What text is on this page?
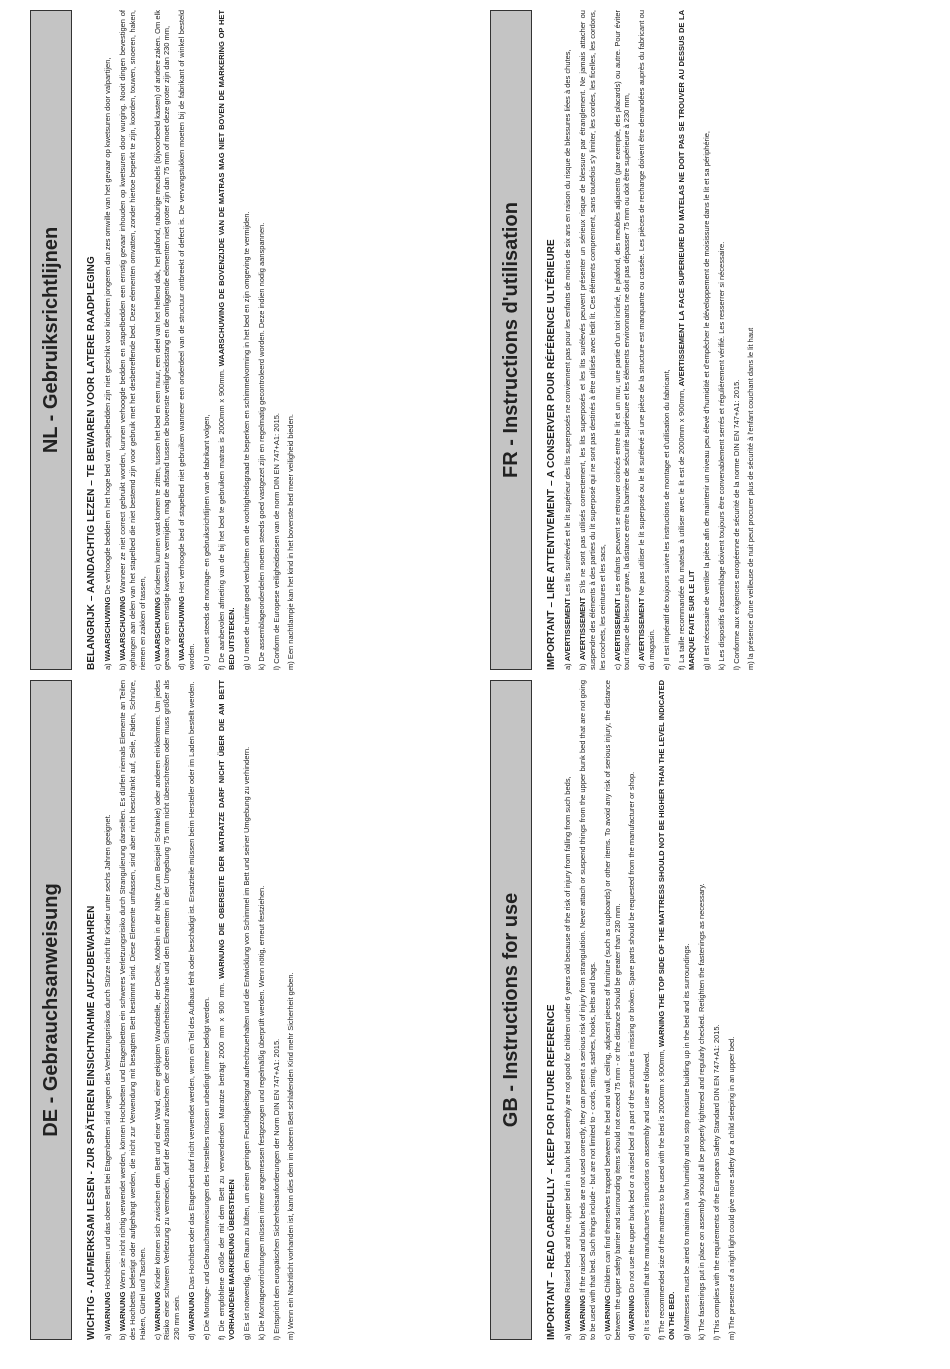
DE - Gebrauchsanweisung	WICHTIG - AUFMERKSAM LESEN - ZUR SPÄTEREN EINSICHTNAHME AUFZUBEWAHREN a) WARNUNG Hochbetten und das obere Bett bei Etagenbetten sind wegen des Verletzungsrisikos durch Stürze nicht für Kinder unter sechs Jahren geeignet.
b) WARNUNG Wenn sie nicht richtig verwendet werden, können Hochbetten und Etagenbetten ein schweres Verletzungsrisiko durch Strangulierung darstellen. Es dürfen niemals Elemente an Teilen des Hochbetts befestigt oder aufgehängt werden, die nicht zur Verwendung mit besagtem Bett bestimmt sind. Diese Elemente umfassen, sind aber nicht beschränkt auf, Seile, Fäden, Schnüre, Haken, Gürtel und Taschen. c) WARNUNG Kinder können sich zwischen dem Bett und einer Wand, einer gekippten Wandstelle, der Decke, Möbeln in der Nähe (zum Beispiel Schränke) oder anderen einklemmen. Um jedes Risiko einer schweren Verletzung zu vermeiden, darf der Abstand zwischen der oberen Sicherheitsschranke und den Elementen in der Umgebung 75 mm nicht überschreiten oder muss größer als 230 mm sein. d) WARNUNG Das Hochbett oder das Etagenbett darf nicht verwendet werden, wenn ein Teil des Aufbaus fehlt oder beschädigt ist. Ersatzteile müssen beim Hersteller oder im Laden bestellt werden.
e) Die Montage- und Gebrauchsanweisungen des Herstellers müssen unbedingt immer befolgt werden.
f) Die empfohlene Größe der mit dem Bett zu verwendenden Matratze beträgt 2000 mm x 900 mm. WARNUNG DIE OBERSEITE DER MATRATZE DARF NICHT ÜBER DIE AM BETT VORHANDENE MARKIERUNG ÜBERSTEHEN g) Es ist notwendig, den Raum zu lüften, um einen geringen Feuchtigkeitsgrad aufrechtzuerhalten und die Entwicklung von Schimmel im Bett und seiner Umgebung zu verhindern.
k) Die Montagevorrichtungen müssen immer angemessen festgezogen und regelmäßig überprüft werden. Wenn nötig, erneut festziehen.
l) Entspricht den europäischen Sicherheitsanforderungen der Norm DIN EN 747+A1: 2015.
m) Wenn ein Nachtlicht vorhanden ist, kann dies dem im oberen Bett schlafenden Kind mehr Sicherheit geben.	GB - Instructions for use	IMPORTANT – READ CAREFULLY – KEEP FOR FUTURE REFERENCE a) WARNING Raised beds and the upper bed in a bunk bed assembly are not good for children under 6 years old because of the risk of injury from falling from such beds,
b) WARNING If the raised and bunk beds are not used correctly, they can present a serious risk of injury from strangulation. Never attach or suspend things from the upper bunk bed that are not going to be used with that bed. Such things include - but are not limited to - cords, string, sashes, hooks, belts and bags. c) WARNING Children can find themselves trapped between the bed and wall, ceiling, adjacent pieces of furniture (such as cupboards) or other items. To avoid any risk of serious injury, the distance between the upper safety barrier and surrounding items should not exceed 75 mm - or the distance should be greater than 230 mm. d) WARNING Do not use the upper bunk bed or a raised bed if a part of the structure is missing or broken. Spare parts should be requested from the manufacturer or shop.
e) It is essential that the manufacturer's instructions on assembly and use are followed.
f) The recommended size of the mattress to be used with the bed is 2000mm x 900mm, WARNING THE TOP SIDE OF THE MATTRESS SHOULD NOT BE HIGHER THAN THE LEVEL INDICATED ON THE BED. g) Mattresses must be aired to maintain a low humidity and to stop moisture building up in the bed and its surroundings.
k) The fastenings put in place on assembly should all be properly tightened and regularly checked. Retighten the fastenings as necessary.
l) This complies with the requirements of the European Safety Standard DIN EN 747+A1: 2015.
m) The presence of a night light could give more safety for a child sleeping in an upper bed.
NL - Gebruiksrichtlijnen	BELANGRIJK – AANDACHTIG LEZEN – TE BEWAREN VOOR LATERE RAADPLEGING a) WAARSCHUWING De verhoogde bedden en het hoge bed van stapelbedden zijn niet geschikt voor kinderen jongeren dan zes omwille van het gevaar op kwetsuren door valpartijen,
b) WAARSCHUWING Wanneer ze niet correct gebruikt worden, kunnen verhoogde bedden en stapelbedden een ernstig gevaar inhouden op kwetsuren door wurging. Nooit dingen bevestigen of ophangen aan delen van het stapelbed die niet bestemd zijn voor gebruik met het desbetreffende bed. Deze elementen omvatten, zonder hiertoe beperkt te zijn, koorden, touwen, snoeren, haken, riemen en zakken of tassen, c) WAARSCHUWING Kinderen kunnen vast komen te zitten, tussen het bed en een muur, een deel van het hellend dak, het plafond, naburige meubels (bijvoorbeeld kasten) of andere zaken. Om elk gevaar op een ernstige kwetsuur te vermijden, mag de afstand tussen de bovenste veiligheidsstang en de omliggende elementen niet groter zijn dan 75 mm of moet deze groter zijn dan 230 mm, d) WAARSCHUWING Het verhoogde bed of stapelbed niet gebruiken wanneer een onderdeel van de structuur ontbreekt of defect is. De vervangstukken moeten bij de fabrikant of winkel besteld worden. e) U moet steeds de montage- en gebruiksrichtlijnen van de fabrikant volgen,
f) De aanbevolen afmeting van de bij het bed te gebruiken matras is 2000mm x 900mm. WAARSCHUWING DE BOVENZIJDE VAN DE MATRAS MAG NIET BOVEN DE MARKERING OP HET BED UITSTEKEN. g) U moet de ruimte goed verluchten om de vochtigheidsgraad te beperken en schimmelvorming in het bed en zijn omgeving te vermijden.
k) De assemblageonderdelen moeten steeds goed vastgezet zijn en regelmatig gecontroleerd worden. Deze indien nodig aanspannen.
l) Conform de Europese veiligheidseisen van de norm DIN EN 747+A1: 2015.
m) Een nachtlampje kan het kind in het bovenste bed meer veiligheid bieden.
FR - Instructions d'utilisation	IMPORTANT – LIRE ATTENTIVEMENT – A CONSERVER POUR RÉFÉRENCE ULTÉRIEURE a) AVERTISSEMENT Les lits surélevés et le lit supérieur des lits superposés ne conviennent pas pour les enfants de moins de six ans en raison du risque de blessures liées à des chutes,
b) AVERTISSEMENT S'ils ne sont pas utilisés correctement, les lits superposés et les lits surélevés peuvent présenter un sérieux risque de blessure par étranglement. Ne jamais attacher ou suspendre des éléments à des parties du lit superposé qui ne sont pas destinés à être utilisés avec ledit lit. Ces éléments comprennent, sans toutefois s'y limiter, les cordes, les ficelles, les cordons, les crochets, les ceintures et les sacs, c) AVERTISSEMENT Les enfants peuvent se retrouver coincés entre le lit et un mur, une partie d'un toit incliné, le plafond, des meubles adjacents (par exemple, des placards) ou autre. Pour éviter tout risque de blessure grave, la distance entre la barrière de sécurité supérieure et les éléments environnants ne doit pas dépasser 75 mm ou doit être supérieure à 230 mm, d) AVERTISSEMENT Ne pas utiliser le lit superposé ou le lit surélevé si une pièce de la structure est manquante ou cassée. Les pièces de rechange doivent être demandées auprès du fabricant ou du magasin. e) Il est impératif de toujours suivre les instructions de montage et d'utilisation du fabricant,
f) La taille recommandée du matelas à utiliser avec le lit est de 2000mm x 900mm, AVERTISSEMENT LA FACE SUPERIEURE DU MATELAS NE DOIT PAS SE TROUVER AU DESSUS DE LA MARQUE FAITE SUR LE LIT g) Il est nécessaire de ventiler la pièce afin de maintenir un niveau peu élevé d'humidité et d'empêcher le développement de moisissure dans le lit et sa périphérie,
k) Les dispositifs d'assemblage doivent toujours être convenablement serrés et régulièrement vérifié. Les resserrer si nécessaire.
l) Conforme aux exigences européenne de sécurité de la norme DIN EN 747+A1: 2015.
m) la présence d'une veilleuse de nuit peut procurer plus de sécurité à l'enfant couchant dans le lit haut
